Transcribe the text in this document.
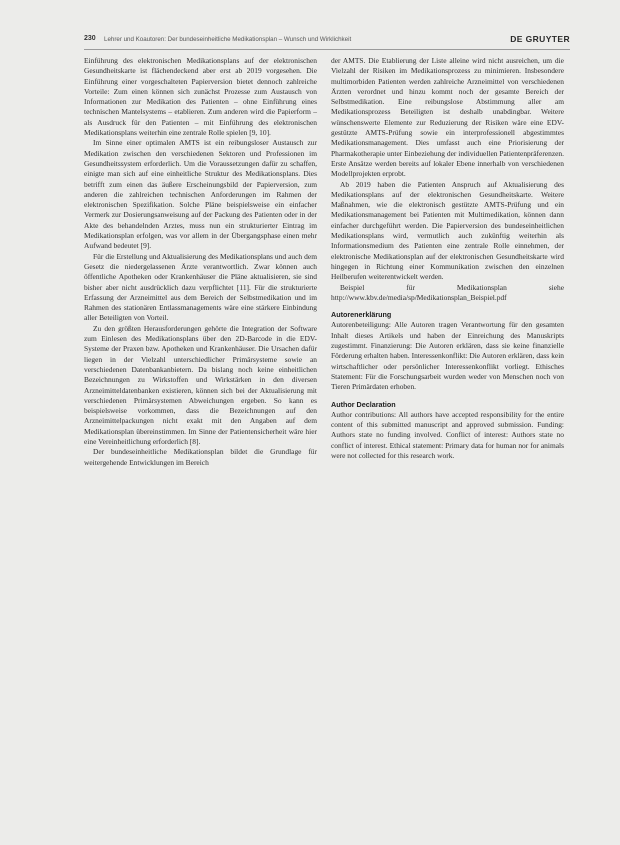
230 Lehrer und Koautoren: Der bundeseinheitliche Medikationsplan – Wunsch und Wirklichkeit	DE GRUYTER

Einführung des elektronischen Medikationsplans auf der elektronischen Gesundheitskarte ist flächendeckend aber erst ab 2019 vorgesehen. Die Einführung einer vorgeschalteten Papierversion bietet dennoch zahlreiche Vorteile: Zum einen können sich zunächst Prozesse zum Austausch von Informationen zur Medikation des Patienten – ohne Einführung eines technischen Mantelsystems – etablieren. Zum anderen wird die Papierform – als Ausdruck für den Patienten – mit Einführung des elektronischen Medikationsplans weiterhin eine zentrale Rolle spielen [9, 10].

Im Sinne einer optimalen AMTS ist ein reibungsloser Austausch zur Medikation zwischen den verschiedenen Sektoren und Professionen im Gesundheitssystem erforderlich. Um die Voraussetzungen dafür zu schaffen, einigte man sich auf eine einheitliche Struktur des Medikationsplans. Dies betrifft zum einen das äußere Erscheinungsbild der Papierversion, zum anderen die zahlreichen technischen Anforderungen im Rahmen der elektronischen Spezifikation. Solche Pläne beispielsweise ein einfacher Vermerk zur Dosierungsanweisung auf der Packung des Patienten oder in der Akte des behandelnden Arztes, muss nun ein strukturierter Eintrag im Medikationsplan erfolgen, was vor allem in der Übergangsphase einen mehr Aufwand bedeutet [9].

Für die Erstellung und Aktualisierung des Medikationsplans und auch dem Gesetz die niedergelassenen Ärzte verantwortlich. Zwar können auch öffentliche Apotheken oder Krankenhäuser die Pläne aktualisieren, sie sind bisher aber nicht ausdrücklich dazu verpflichtet [11]. Für die strukturierte Erfassung der Arzneimittel aus dem Bereich der Selbstmedikation und im Rahmen des stationären Entlassmanagements wäre eine stärkere Einbindung aller Beteiligten von Vorteil.

Zu den größten Herausforderungen gehörte die Integration der Software zum Einlesen des Medikationsplans über den 2D-Barcode in die EDV-Systeme der Praxen bzw. Apotheken und Krankenhäuser. Die Ursachen dafür liegen in der Vielzahl unterschiedlicher Primärsysteme sowie an verschiedenen Datenbankanbietern. Da bislang noch keine einheitlichen Bezeichnungen zu Wirkstoffen und Wirkstärken in den diversen Arzneimitteldatenbanken existieren, können sich bei der Aktualisierung mit verschiedenen Primärsystemen Abweichungen ergeben. So kann es beispielsweise vorkommen, dass die Bezeichnungen auf den Arzneimittelpackungen nicht exakt mit den Angaben auf dem Medikationsplan übereinstimmen. Im Sinne der Patientensicherheit wäre hier eine Vereinheitlichung erforderlich [8].

Der bundeseinheitliche Medikationsplan bildet die Grundlage für weitergehende Entwicklungen im Bereich

der AMTS. Die Etablierung der Liste alleine wird nicht ausreichen, um die Vielzahl der Risiken im Medikationsprozess zu minimieren. Insbesondere multimorbiden Patienten werden zahlreiche Arzneimittel von verschiedenen Ärzten verordnet und hinzu kommt noch der gesamte Bereich der Selbstmedikation. Eine reibungslose Abstimmung aller am Medikationsprozess Beteiligten ist deshalb unabdingbar. Weitere wünschenswerte Elemente zur Reduzierung der Risiken wäre eine EDV-gestützte AMTS-Prüfung sowie ein interprofessionell abgestimmtes Medikationsmanagement. Dies umfasst auch eine Priorisierung der Pharmakotherapie unter Einbeziehung der individuellen Patientenpräferenzen. Erste Ansätze werden bereits auf lokaler Ebene innerhalb von verschiedenen Modellprojekten erprobt.

Ab 2019 haben die Patienten Anspruch auf Aktualisierung des Medikationsplans auf der elektronischen Gesundheitskarte. Weitere Maßnahmen, wie die elektronisch gestützte AMTS-Prüfung und ein Medikationsmanagement bei Patienten mit Multimedikation, können dann einfacher durchgeführt werden. Die Papierversion des bundeseinheitlichen Medikationsplans wird, vermutlich auch zukünftig weiterhin als Informationsmedium des Patienten eine zentrale Rolle einnehmen, der elektronische Medikationsplan auf der elektronischen Gesundheitskarte wird hingegen in Richtung einer Kommunikation zwischen den einzelnen Heilberufen weiterentwickelt werden.

Beispiel für Medikationsplan siehe http://www.kbv.de/media/sp/Medikationsplan_Beispiel.pdf

Autorenerklärung

Autorenbeteiligung: Alle Autoren tragen Verantwortung für den gesamten Inhalt dieses Artikels und haben der Einreichung des Manuskripts zugestimmt. Finanzierung: Die Autoren erklären, dass sie keine finanzielle Förderung erhalten haben. Interessenkonflikt: Die Autoren erklären, dass kein wirtschaftlicher oder persönlicher Interessenkonflikt vorliegt. Ethisches Statement: Für die Forschungsarbeit wurden weder von Menschen noch von Tieren Primärdaten erhoben.

Author Declaration

Author contributions: All authors have accepted responsibility for the entire content of this submitted manuscript and approved submission. Funding: Authors state no funding involved. Conflict of interest: Authors state no conflict of interest. Ethical statement: Primary data for human nor for animals were not collected for this research work.
